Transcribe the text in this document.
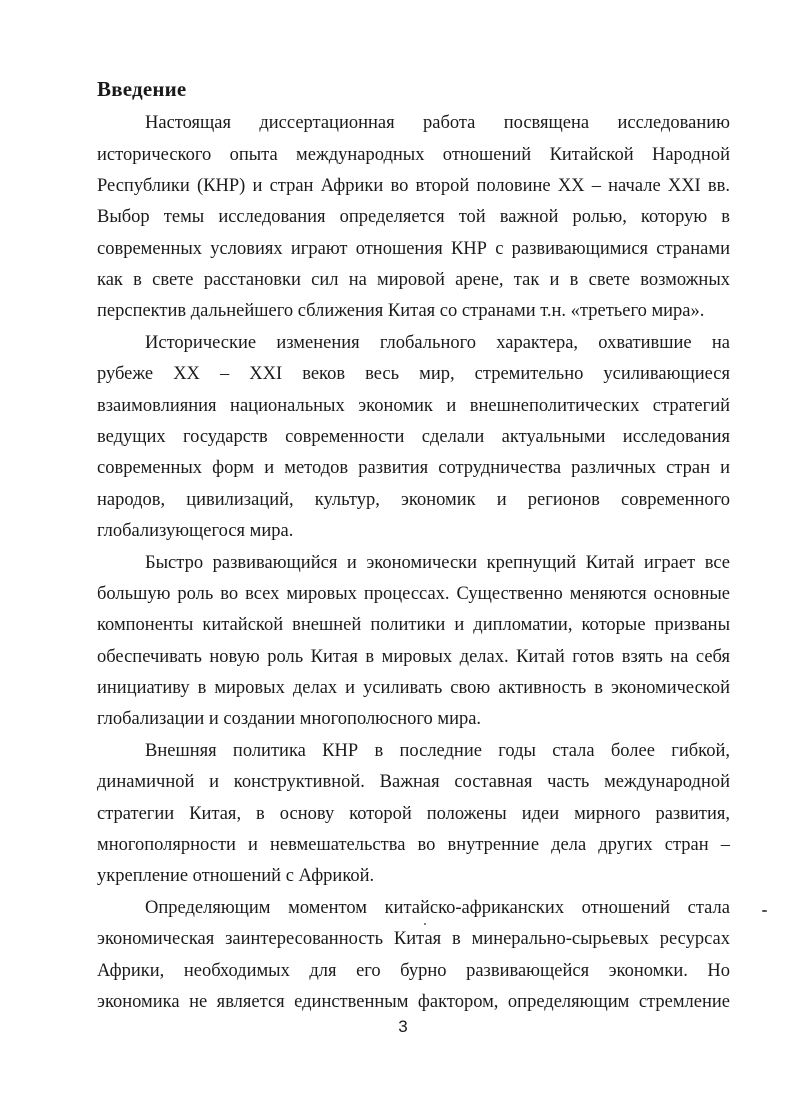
Введение

Настоящая диссертационная работа посвящена исследованию

исторического опыта международных отношений Китайской Народной

Республики (КНР) и стран Африки во второй половине XX – начале XXI вв.

Выбор темы исследования определяется той важной ролью, которую в

современных условиях играют отношения КНР с развивающимися странами

как в свете расстановки сил на мировой арене, так и в свете возможных

перспектив дальнейшего сближения Китая со странами т.н. «третьего мира».

Исторические изменения глобального характера, охватившие на

рубеже XX – XXI веков весь мир, стремительно усиливающиеся

взаимовлияния национальных экономик и внешнеполитических стратегий

ведущих государств современности сделали актуальными исследования

современных форм и методов развития сотрудничества различных стран и

народов, цивилизаций, культур, экономик и регионов современного

глобализующегося мира.

Быстро развивающийся и экономически крепнущий Китай играет все

большую роль во всех мировых процессах. Существенно меняются основные

компоненты китайской внешней политики и дипломатии, которые призваны

обеспечивать новую роль Китая в мировых делах. Китай готов взять на себя

инициативу в мировых делах и усиливать свою активность в экономической

глобализации и создании многополюсного мира.

Внешняя политика КНР в последние годы стала более гибкой,

динамичной и конструктивной. Важная составная часть международной

стратегии Китая, в основу которой положены идеи мирного развития,

многополярности и невмешательства во внутренние дела других стран –

укрепление отношений с Африкой.

Определяющим моментом китайско-африканских отношений стала

экономическая заинтересованность Китая в минерально-сырьевых ресурсах

Африки, необходимых для его бурно развивающейся экономки. Но

экономика не является единственным фактором, определяющим стремление

3
